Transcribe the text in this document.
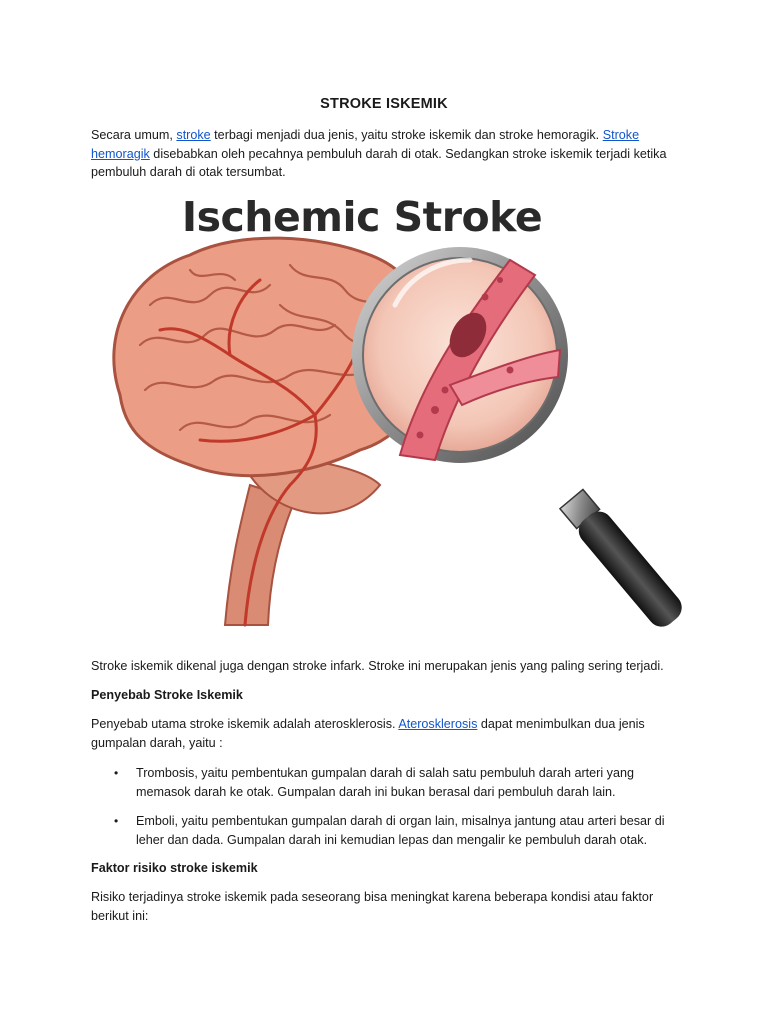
STROKE ISKEMIK
Secara umum, stroke terbagi menjadi dua jenis, yaitu stroke iskemik dan stroke hemoragik. Stroke hemoragik disebabkan oleh pecahnya pembuluh darah di otak. Sedangkan stroke iskemik terjadi ketika pembuluh darah di otak tersumbat.
Ischemic Stroke
Stroke iskemik dikenal juga dengan stroke infark. Stroke ini merupakan jenis yang paling sering terjadi.
Penyebab Stroke Iskemik
Penyebab utama stroke iskemik adalah aterosklerosis. Aterosklerosis dapat menimbulkan dua jenis gumpalan darah, yaitu :
• Trombosis, yaitu pembentukan gumpalan darah di salah satu pembuluh darah arteri yang memasok darah ke otak. Gumpalan darah ini bukan berasal dari pembuluh darah lain.
• Emboli, yaitu pembentukan gumpalan darah di organ lain, misalnya jantung atau arteri besar di leher dan dada. Gumpalan darah ini kemudian lepas dan mengalir ke pembuluh darah otak.
Faktor risiko stroke iskemik
Risiko terjadinya stroke iskemik pada seseorang bisa meningkat karena beberapa kondisi atau faktor berikut ini:
